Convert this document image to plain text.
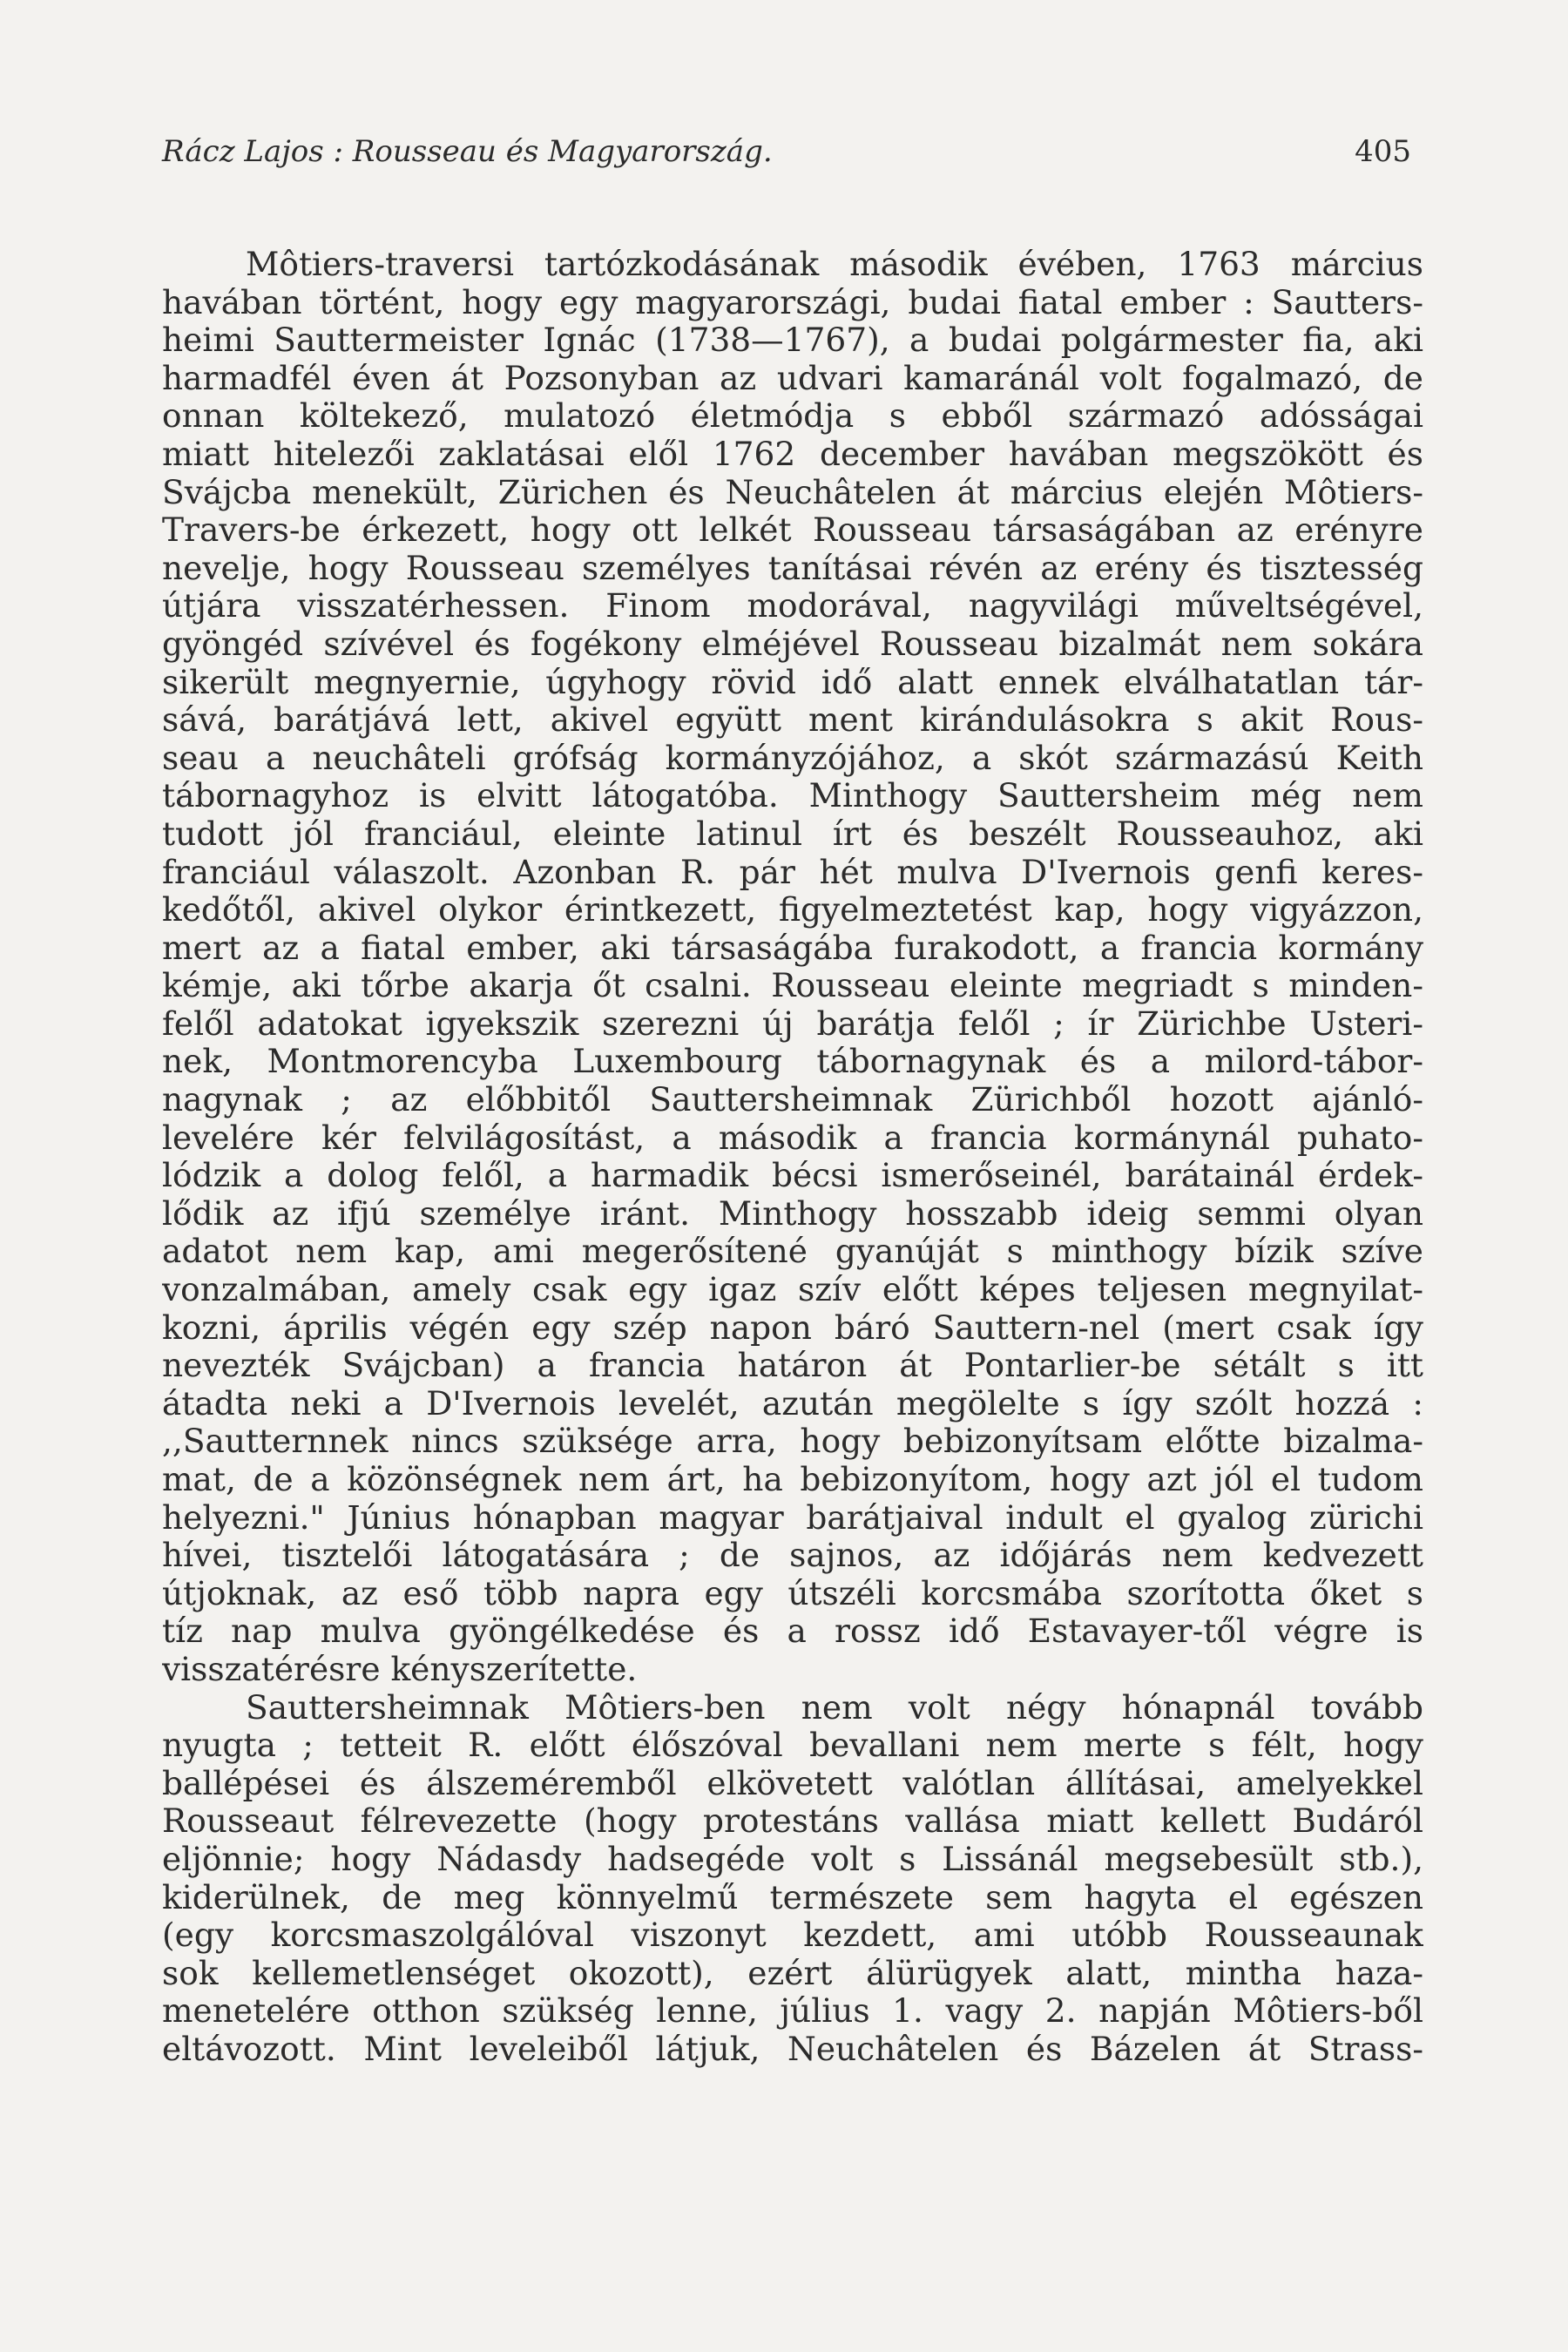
Rácz Lajos : Rousseau és Magyarország.	405
Môtiers-traversi tartózkodásának második évében, 1763 március
havában történt, hogy egy magyarországi, budai fiatal ember : Sautters-
heimi Sauttermeister Ignác (1738—1767), a budai polgármester fia, aki
harmadfél éven át Pozsonyban az udvari kamaránál volt fogalmazó, de
onnan költekező, mulatozó életmódja s ebből származó adósságai
miatt hitelezői zaklatásai elől 1762 december havában megszökött és
Svájcba menekült, Zürichen és Neuchâtelen át március elején Môtiers-
Travers-be érkezett, hogy ott lelkét Rousseau társaságában az erényre
nevelje, hogy Rousseau személyes tanításai révén az erény és tisztesség
útjára visszatérhessen. Finom modorával, nagyvilági műveltségével,
gyöngéd szívével és fogékony elméjével Rousseau bizalmát nem sokára
sikerült megnyernie, úgyhogy rövid idő alatt ennek elválhatatlan tár-
sává, barátjává lett, akivel együtt ment kirándulásokra s akit Rous-
seau a neuchâteli grófság kormányzójához, a skót származású Keith
tábornagyhoz is elvitt látogatóba. Minthogy Sauttersheim még nem
tudott jól franciául, eleinte latinul írt és beszélt Rousseauhoz, aki
franciául válaszolt. Azonban R. pár hét mulva D'Ivernois genfi keres-
kedőtől, akivel olykor érintkezett, figyelmeztetést kap, hogy vigyázzon,
mert az a fiatal ember, aki társaságába furakodott, a francia kormány
kémje, aki tőrbe akarja őt csalni. Rousseau eleinte megriadt s minden-
felől adatokat igyekszik szerezni új barátja felől ; ír Zürichbe Usteri-
nek, Montmorencyba Luxembourg tábornagynak és a milord-tábor-
nagynak ; az előbbitől Sauttersheimnak Zürichből hozott ajánló-
levelére kér felvilágosítást, a második a francia kormánynál puhato-
lódzik a dolog felől, a harmadik bécsi ismerőseinél, barátainál érdek-
lődik az ifjú személye iránt. Minthogy hosszabb ideig semmi olyan
adatot nem kap, ami megerősítené gyanúját s minthogy bízik szíve
vonzalmában, amely csak egy igaz szív előtt képes teljesen megnyilat-
kozni, április végén egy szép napon báró Sauttern-nel (mert csak így
nevezték Svájcban) a francia határon át Pontarlier-be sétált s itt
átadta neki a D'Ivernois levelét, azután megölelte s így szólt hozzá :
,,Sautternnek nincs szüksége arra, hogy bebizonyítsam előtte bizalma-
mat, de a közönségnek nem árt, ha bebizonyítom, hogy azt jól el tudom
helyezni." Június hónapban magyar barátjaival indult el gyalog zürichi
hívei, tisztelői látogatására ; de sajnos, az időjárás nem kedvezett
útjoknak, az eső több napra egy útszéli korcsmába szorította őket s
tíz nap mulva gyöngélkedése és a rossz idő Estavayer-től végre is
visszatérésre kényszerítette.
Sauttersheimnak Môtiers-ben nem volt négy hónapnál tovább
nyugta ; tetteit R. előtt élőszóval bevallani nem merte s félt, hogy
ballépései és álszeméremből elkövetett valótlan állításai, amelyekkel
Rousseaut félrevezette (hogy protestáns vallása miatt kellett Budáról
eljönnie; hogy Nádasdy hadsegéde volt s Lissánál megsebesült stb.),
kiderülnek, de meg könnyelmű természete sem hagyta el egészen
(egy korcsmaszolgálóval viszonyt kezdett, ami utóbb Rousseaunak
sok kellemetlenséget okozott), ezért álürügyek alatt, mintha haza-
menetelére otthon szükség lenne, július 1. vagy 2. napján Môtiers-ből
eltávozott. Mint leveleiből látjuk, Neuchâtelen és Bázelen át Strass-
